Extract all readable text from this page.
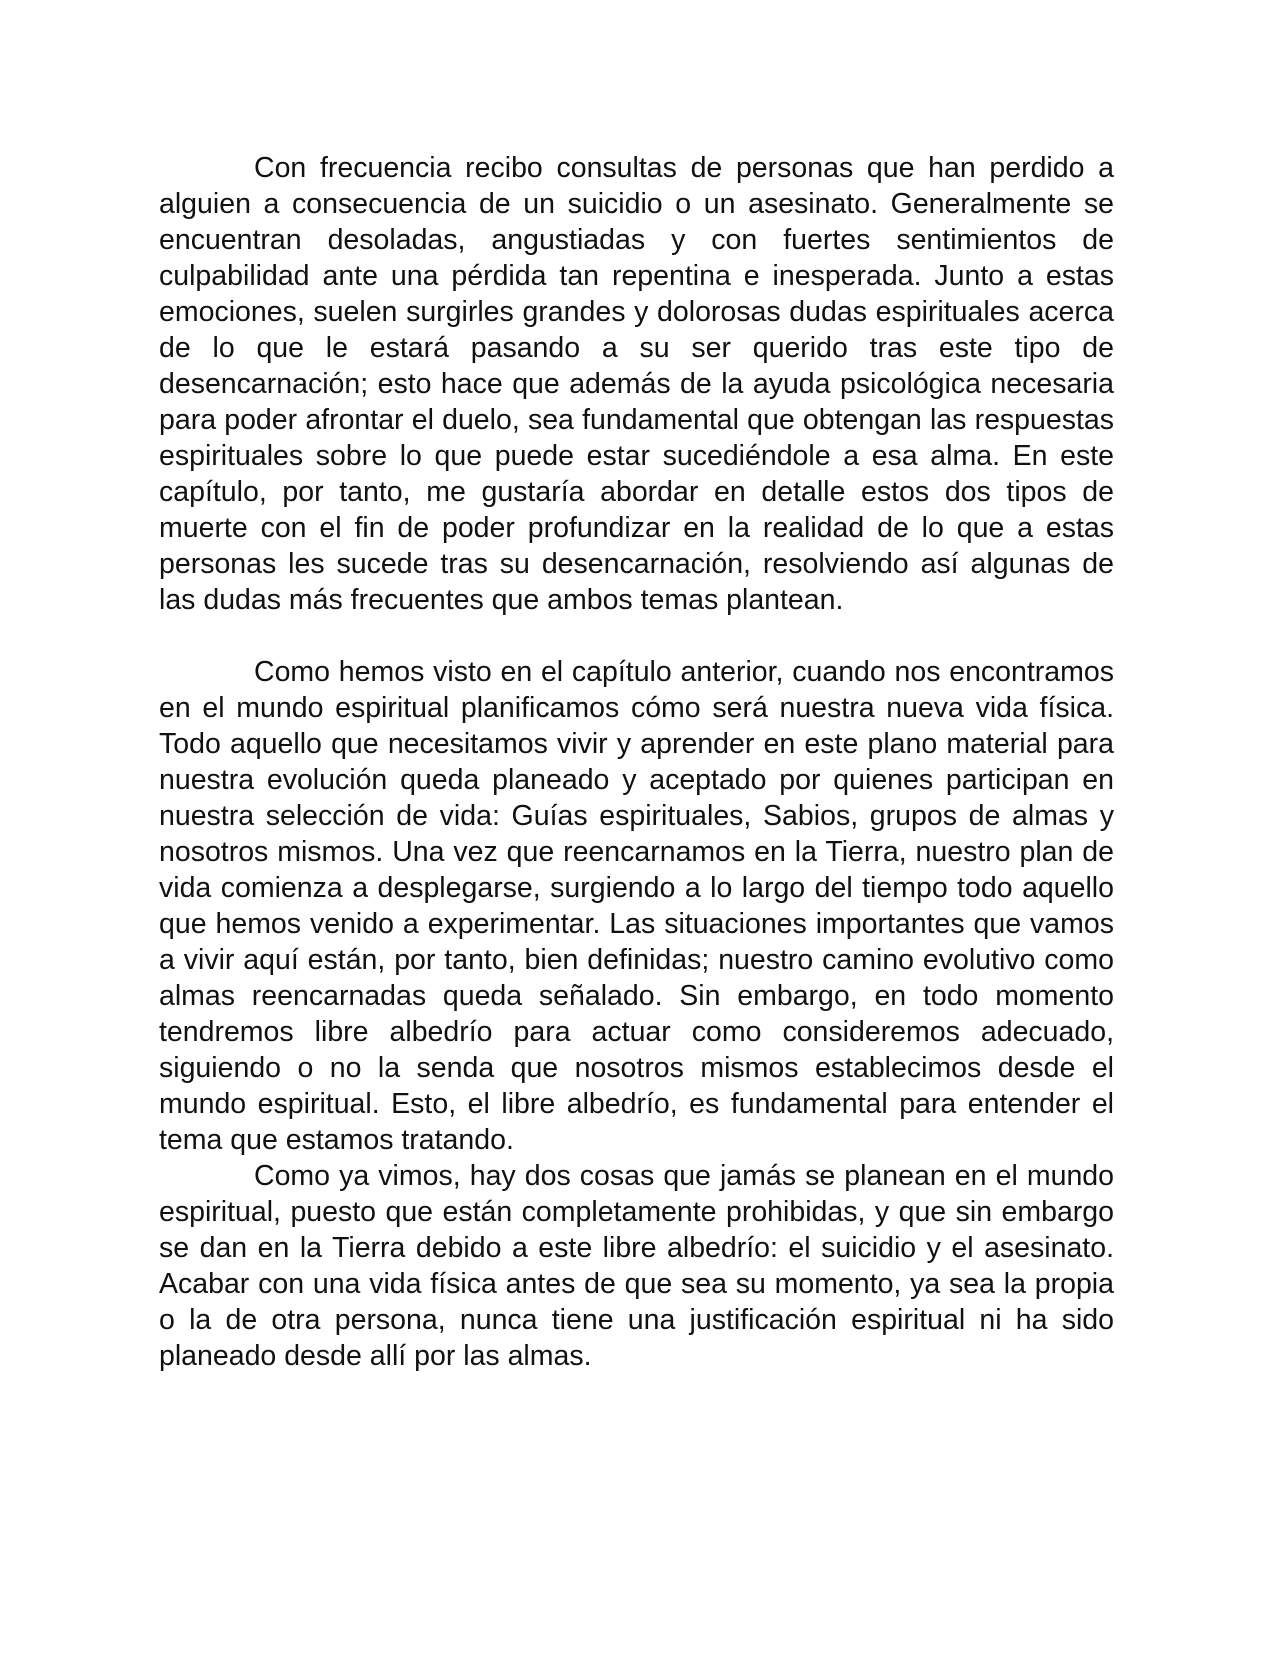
Con frecuencia recibo consultas de personas que han perdido a alguien a consecuencia de un suicidio o un asesinato. Generalmente se encuentran desoladas, angustiadas y con fuertes sentimientos de culpabilidad ante una pérdida tan repentina e inesperada. Junto a estas emociones, suelen surgirles grandes y dolorosas dudas espirituales acerca de lo que le estará pasando a su ser querido tras este tipo de desencarnación; esto hace que además de la ayuda psicológica necesaria para poder afrontar el duelo, sea fundamental que obtengan las respuestas espirituales sobre lo que puede estar sucediéndole a esa alma. En este capítulo, por tanto, me gustaría abordar en detalle estos dos tipos de muerte con el fin de poder profundizar en la realidad de lo que a estas personas les sucede tras su desencarnación, resolviendo así algunas de las dudas más frecuentes que ambos temas plantean.

Como hemos visto en el capítulo anterior, cuando nos encontramos en el mundo espiritual planificamos cómo será nuestra nueva vida física. Todo aquello que necesitamos vivir y aprender en este plano material para nuestra evolución queda planeado y aceptado por quienes participan en nuestra selección de vida: Guías espirituales, Sabios, grupos de almas y nosotros mismos. Una vez que reencarnamos en la Tierra, nuestro plan de vida comienza a desplegarse, surgiendo a lo largo del tiempo todo aquello que hemos venido a experimentar. Las situaciones importantes que vamos a vivir aquí están, por tanto, bien definidas; nuestro camino evolutivo como almas reencarnadas queda señalado. Sin embargo, en todo momento tendremos libre albedrío para actuar como consideremos adecuado, siguiendo o no la senda que nosotros mismos establecimos desde el mundo espiritual. Esto, el libre albedrío, es fundamental para entender el tema que estamos tratando.

Como ya vimos, hay dos cosas que jamás se planean en el mundo espiritual, puesto que están completamente prohibidas, y que sin embargo se dan en la Tierra debido a este libre albedrío: el suicidio y el asesinato. Acabar con una vida física antes de que sea su momento, ya sea la propia o la de otra persona, nunca tiene una justificación espiritual ni ha sido planeado desde allí por las almas.
